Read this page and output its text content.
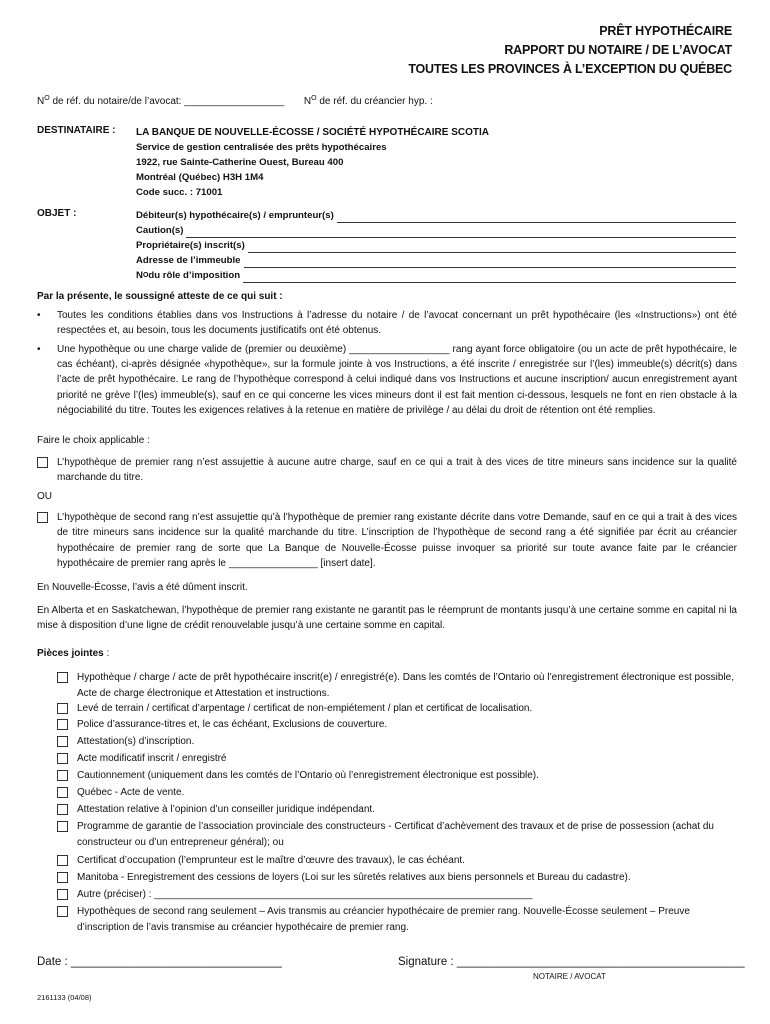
PRÊT HYPOTHÉCAIRE
RAPPORT DU NOTAIRE / DE L’AVOCAT
TOUTES LES PROVINCES À L’EXCEPTION DU QUÉBEC
$N^O$ de réf. du notaire/de l’avocat: __________________ $N^O$ de réf. du créancier hyp. :
DESTINATAIRE : LA BANQUE DE NOUVELLE-ÉCOSSE / SOCIÉTÉ HYPOTHÉCAIRE SCOTIA
Service de gestion centralisée des prêts hypothécaires
1922, rue Sainte-Catherine Ouest, Bureau 400
Montréal (Québec) H3H 1M4
Code succ. : 71001
OBJET :	Débiteur(s) hypothécaire(s) / emprunteur(s)
Caution(s)
Propriétaire(s) inscrit(s)
Adresse de l’immeuble
N O du rôle d’imposition
Par la présente, le soussigné atteste de ce qui suit :
• Toutes les conditions établies dans vos Instructions à l’adresse du notaire / de l’avocat concernant un prêt hypothécaire (les «Instructions») ont été respectées et, au besoin, tous les documents justificatifs ont été obtenus.
• Une hypothèque ou une charge valide de (premier ou deuxième) __________________ rang ayant force obligatoire (ou un acte de prêt hypothécaire, le cas échéant), ci-après désignée «hypothèque», sur la formule jointe à vos Instructions, a été inscrite / enregistrée sur l’(les) immeuble(s) décrit(s) dans l’acte de prêt hypothécaire. Le rang de l’hypothèque correspond à celui indiqué dans vos Instructions et aucune inscription/ aucun enregistrement ayant priorité ne grève l’(les) immeuble(s), sauf en ce qui concerne les vices mineurs dont il est fait mention ci-dessous, lesquels ne font en rien obstacle à la négociabilité du titre. Toutes les exigences relatives à la retenue en matière de privilège / au délai du droit de rétention ont été remplies.
Faire le choix applicable :
L’hypothèque de premier rang n’est assujettie à aucune autre charge, sauf en ce qui a trait à des vices de titre mineurs sans incidence sur la qualité marchande du titre.
OU
L’hypothèque de second rang n’est assujettie qu’à l’hypothèque de premier rang existante décrite dans votre Demande, sauf en ce qui a trait à des vices de titre mineurs sans incidence sur la qualité marchande du titre. L’inscription de l’hypothèque de second rang a été signifiée par écrit au créancier hypothécaire de premier rang de sorte que La Banque de Nouvelle-Écosse puisse invoquer sa priorité sur toute avance faite par le créancier hypothécaire de premier rang après le ________________ [insert date].
En Nouvelle-Écosse, l’avis a été dûment inscrit.
En Alberta et en Saskatchewan, l’hypothèque de premier rang existante ne garantit pas le réemprunt de montants jusqu’à une certaine somme en capital ni la mise à disposition d’une ligne de crédit renouvelable jusqu’à une certaine somme en capital.
Pièces jointes :
Hypothèque / charge / acte de prêt hypothécaire inscrit(e) / enregistré(e). Dans les comtés de l’Ontario où l’enregistrement électronique est possible, Acte de charge électronique et Attestation et instructions.
Levé de terrain / certificat d’arpentage / certificat de non-empiétement / plan et certificat de localisation.
Police d’assurance-titres et, le cas échéant, Exclusions de couverture.
Attestation(s) d’inscription.
Acte modificatif inscrit / enregistré
Cautionnement (uniquement dans les comtés de l’Ontario où l’enregistrement électronique est possible).
Québec - Acte de vente.
Attestation relative à l’opinion d’un conseiller juridique indépendant.
Programme de garantie de l’association provinciale des constructeurs - Certificat d’achèvement des travaux et de prise de possession (achat du constructeur ou d’un entrepreneur général); ou
Certificat d’occupation (l’emprunteur est le maître d’œuvre des travaux), le cas échéant.
Manitoba - Enregistrement des cessions de loyers (Loi sur les sûretés relatives aux biens personnels et Bureau du cadastre).
Autre (préciser) : ____________________________________________________________________
Hypothèques de second rang seulement – Avis transmis au créancier hypothécaire de premier rang. Nouvelle-Écosse seulement – Preuve d’inscription de l’avis transmise au créancier hypothécaire de premier rang.
Date : _________________________________	Signature : _____________________________________________
NOTAIRE / AVOCAT
2161133 (04/08)
